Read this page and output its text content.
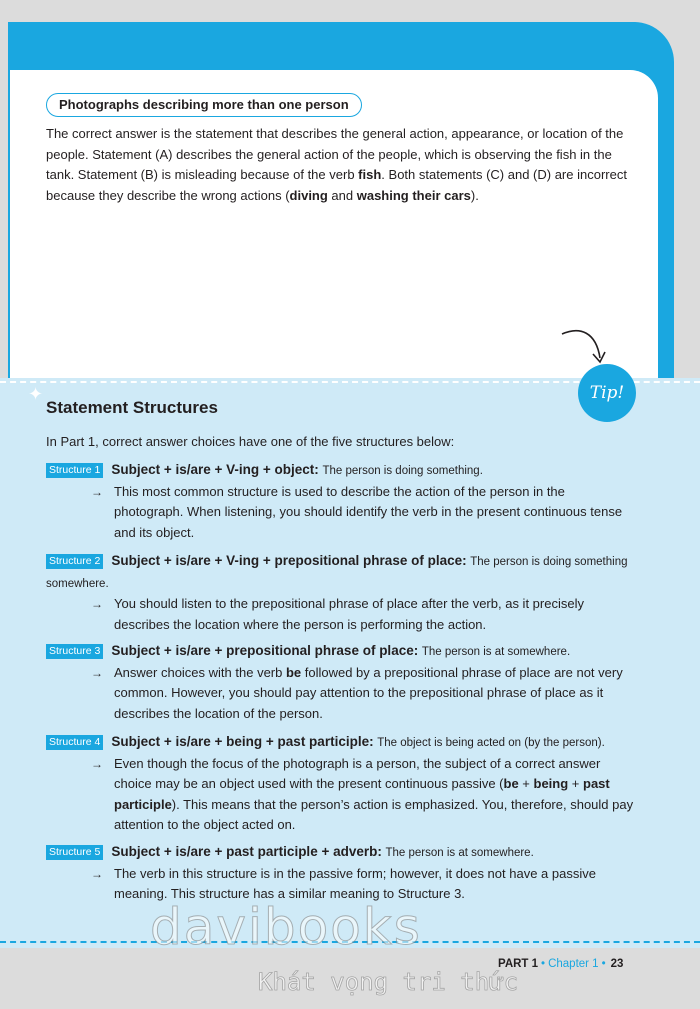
✦
Photographs describing more than one person

The correct answer is the statement that describes the general action, appearance, or location of the people. Statement (A) describes the general action of the people, which is observing the fish in the tank. Statement (B) is misleading because of the verb fish. Both statements (C) and (D) are incorrect because they describe the wrong actions (diving and washing their cars).

Tip!
Statement Structures
In Part 1, correct answer choices have one of the five structures below:
Structure 1 Subject + is/are + V-ing + object: The person is doing something.
→ This most common structure is used to describe the action of the person in the photograph. When listening, you should identify the verb in the present continuous tense and its object.
Structure 2 Subject + is/are + V-ing + prepositional phrase of place: The person is doing something somewhere.
→ You should listen to the prepositional phrase of place after the verb, as it precisely describes the location where the person is performing the action.
Structure 3 Subject + is/are + prepositional phrase of place: The person is at somewhere.
→ Answer choices with the verb be followed by a prepositional phrase of place are not very common. However, you should pay attention to the prepositional phrase of place as it describes the location of the person.
Structure 4 Subject + is/are + being + past participle: The object is being acted on (by the person).
→ Even though the focus of the photograph is a person, the subject of a correct answer choice may be an object used with the present continuous passive (be + being + past participle). This means that the person’s action is emphasized. You, therefore, should pay attention to the object acted on.
Structure 5 Subject + is/are + past participle + adverb: The person is at somewhere.
→ The verb in this structure is in the passive form; however, it does not have a passive meaning. This structure has a similar meaning to Structure 3.
davibooks
Khát vọng tri thức
PART 1 • Chapter 1 • 23
